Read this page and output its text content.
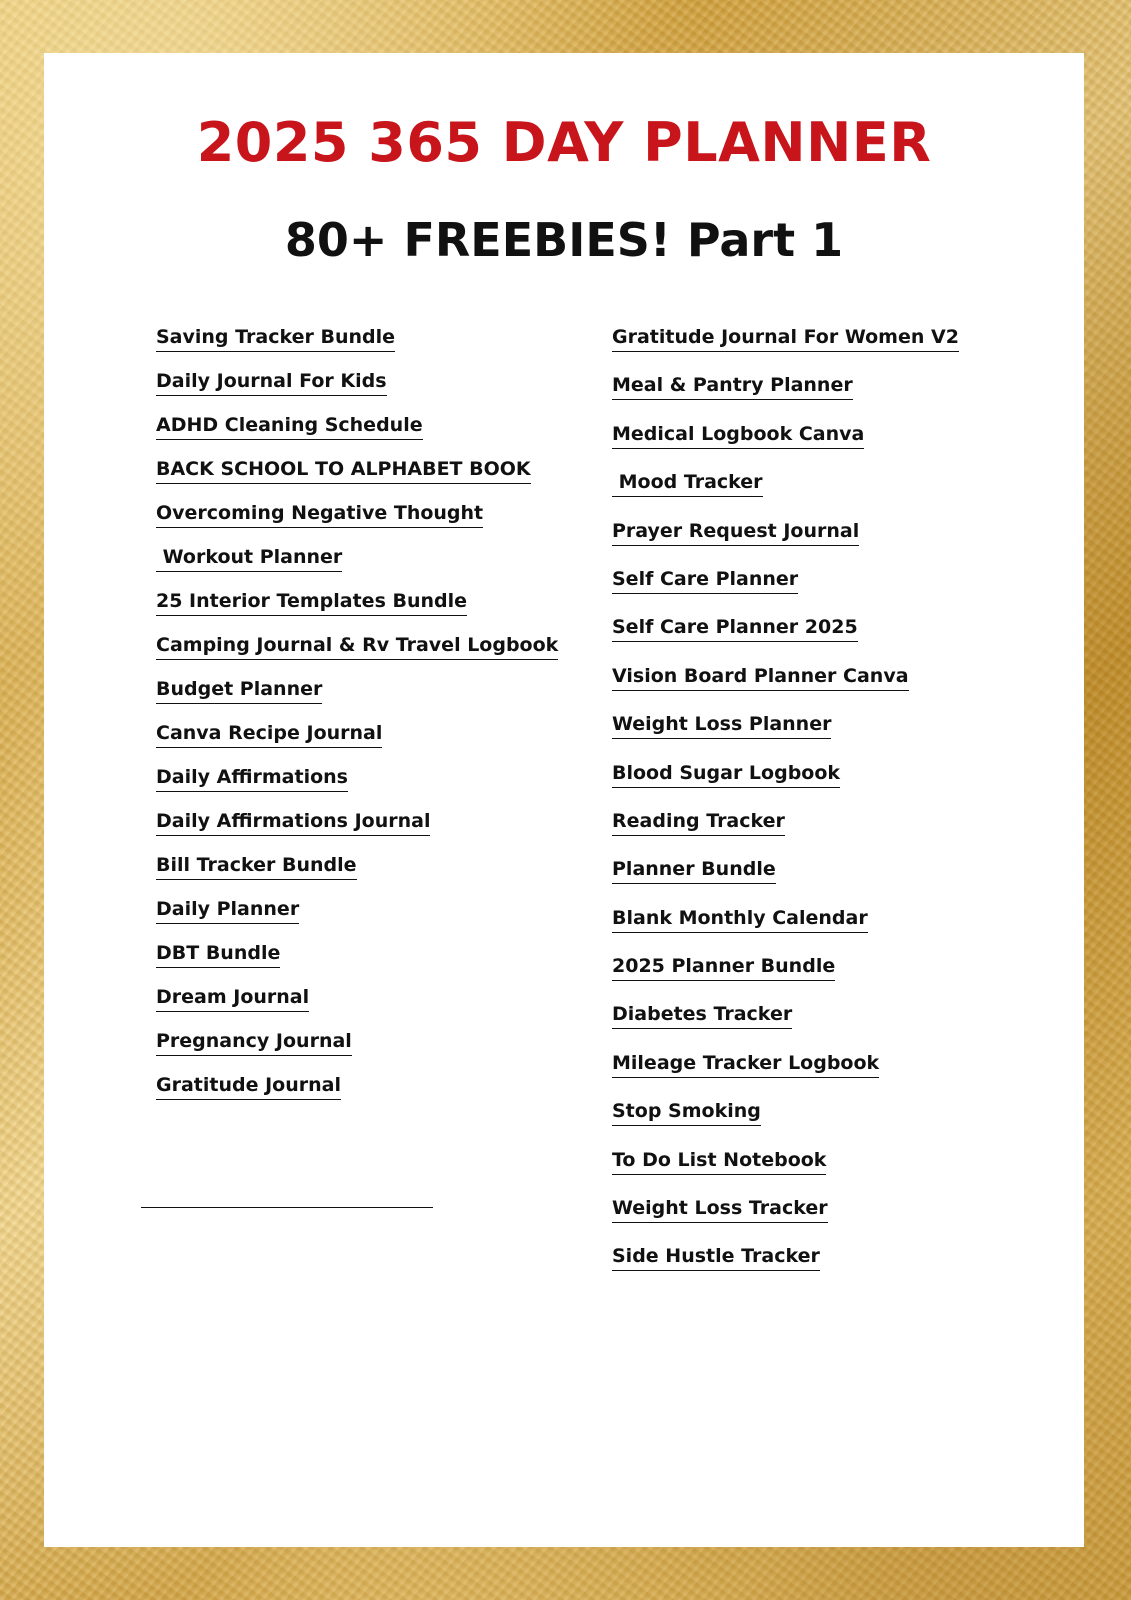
2025 365 DAY PLANNER
80+ FREEBIES! Part 1
Saving Tracker Bundle
Daily Journal For Kids
ADHD Cleaning Schedule
BACK SCHOOL TO ALPHABET BOOK
Overcoming Negative Thought
Workout Planner
25 Interior Templates Bundle
Camping Journal & Rv Travel Logbook
Budget Planner
Canva Recipe Journal
Daily Affirmations
Daily Affirmations Journal
Bill Tracker Bundle
Daily Planner
DBT Bundle
Dream Journal
Pregnancy Journal
Gratitude Journal
Gratitude Journal For Women V2
Meal & Pantry Planner
Medical Logbook Canva
Mood Tracker
Prayer Request Journal
Self Care Planner
Self Care Planner 2025
Vision Board Planner Canva
Weight Loss Planner
Blood Sugar Logbook
Reading Tracker
Planner Bundle
Blank Monthly Calendar
2025 Planner Bundle
Diabetes Tracker
Mileage Tracker Logbook
Stop Smoking
To Do List Notebook
Weight Loss Tracker
Side Hustle Tracker
